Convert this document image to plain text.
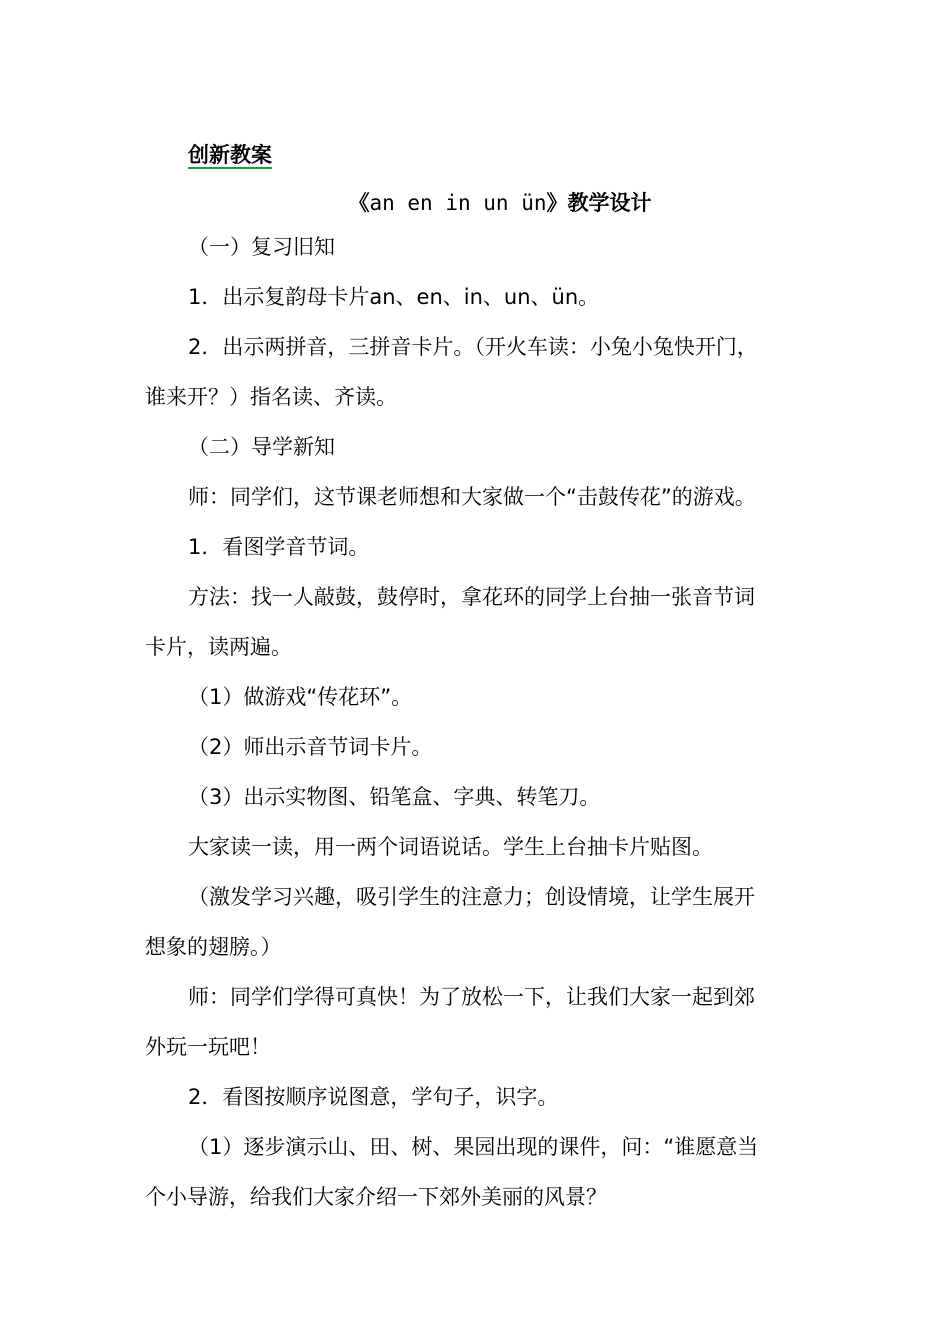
创新教案
《an en in un ün》教学设计
（一）复习旧知
1．出示复韵母卡片an、en、in、un、ün。
2．出示两拼音，三拼音卡片。（开火车读：小兔小兔快开门，
谁来开？）指名读、齐读。
（二）导学新知
师：同学们，这节课老师想和大家做一个“击鼓传花”的游戏。
1．看图学音节词。
方法：找一人敲鼓，鼓停时，拿花环的同学上台抽一张音节词
卡片，读两遍。
（1）做游戏“传花环”。
（2）师出示音节词卡片。
（3）出示实物图、铅笔盒、字典、转笔刀。
大家读一读，用一两个词语说话。学生上台抽卡片贴图。
（激发学习兴趣，吸引学生的注意力；创设情境，让学生展开
想象的翅膀。）
师：同学们学得可真快！为了放松一下，让我们大家一起到郊
外玩一玩吧！
2．看图按顺序说图意，学句子，识字。
（1）逐步演示山、田、树、果园出现的课件，问：“谁愿意当
个小导游，给我们大家介绍一下郊外美丽的风景？
